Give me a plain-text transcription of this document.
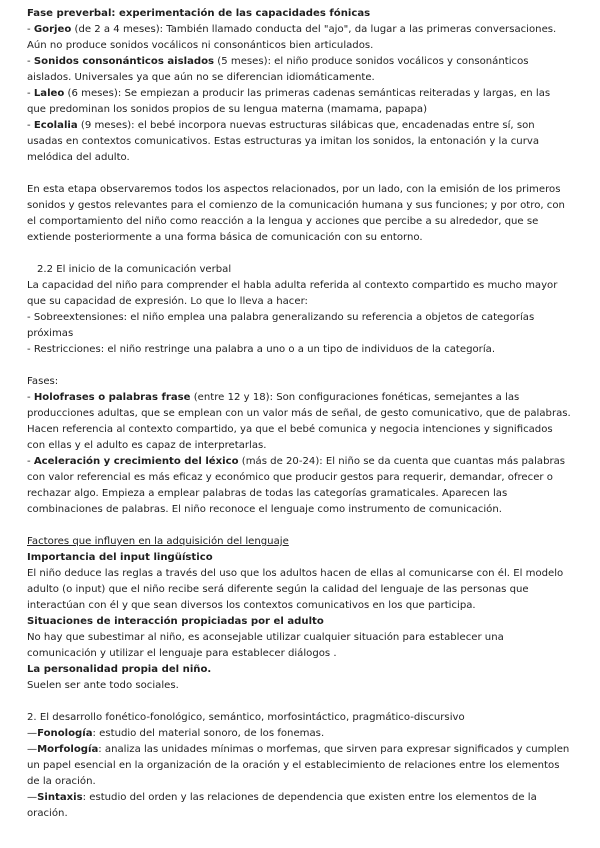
Fase preverbal: experimentación de las capacidades fónicas

- Gorjeo (de 2 a 4 meses): También llamado conducta del "ajo", da lugar a las primeras conversaciones. Aún no produce sonidos vocálicos ni consonánticos bien articulados.

- Sonidos consonánticos aislados (5 meses): el niño produce sonidos vocálicos y consonánticos aislados. Universales ya que aún no se diferencian idiomáticamente.

- Laleo (6 meses): Se empiezan a producir las primeras cadenas semánticas reiteradas y largas, en las que predominan los sonidos propios de su lengua materna (mamama, papapa)

- Ecolalia (9 meses): el bebé incorpora nuevas estructuras silábicas que, encadenadas entre sí, son usadas en contextos comunicativos. Estas estructuras ya imitan los sonidos, la entonación y la curva melódica del adulto.

En esta etapa observaremos todos los aspectos relacionados, por un lado, con la emisión de los primeros sonidos y gestos relevantes para el comienzo de la comunicación humana y sus funciones; y por otro, con el comportamiento del niño como reacción a la lengua y acciones que percibe a su alrededor, que se extiende posteriormente a una forma básica de comunicación con su entorno.

2.2 El inicio de la comunicación verbal

La capacidad del niño para comprender el habla adulta referida al contexto compartido es mucho mayor que su capacidad de expresión. Lo que lo lleva a hacer:

- Sobreextensiones: el niño emplea una palabra generalizando su referencia a objetos de categorías próximas

- Restricciones: el niño restringe una palabra a uno o a un tipo de individuos de la categoría.

Fases:

- Holofrases o palabras frase (entre 12 y 18): Son configuraciones fonéticas, semejantes a las producciones adultas, que se emplean con un valor más de señal, de gesto comunicativo, que de palabras. Hacen referencia al contexto compartido, ya que el bebé comunica y negocia intenciones y significados con ellas y el adulto es capaz de interpretarlas.

- Aceleración y crecimiento del léxico (más de 20-24): El niño se da cuenta que cuantas más palabras con valor referencial es más eficaz y económico que producir gestos para requerir, demandar, ofrecer o rechazar algo. Empieza a emplear palabras de todas las categorías gramaticales. Aparecen las combinaciones de palabras. El niño reconoce el lenguaje como instrumento de comunicación.

Factores que influyen en la adquisición del lenguaje

Importancia del input lingüístico

El niño deduce las reglas a través del uso que los adultos hacen de ellas al comunicarse con él. El modelo adulto (o input) que el niño recibe será diferente según la calidad del lenguaje de las personas que interactúan con él y que sean diversos los contextos comunicativos en los que participa.

Situaciones de interacción propiciadas por el adulto

No hay que subestimar al niño, es aconsejable utilizar cualquier situación para establecer una comunicación y utilizar el lenguaje para establecer diálogos .

La personalidad propia del niño.

Suelen ser ante todo sociales.

2. El desarrollo fonético-fonológico, semántico, morfosintáctico, pragmático-discursivo

—Fonología: estudio del material sonoro, de los fonemas.

—Morfología: analiza las unidades mínimas o morfemas, que sirven para expresar significados y cumplen un papel esencial en la organización de la oración y el establecimiento de relaciones entre los elementos de la oración.

—Sintaxis: estudio del orden y las relaciones de dependencia que existen entre los elementos de la oración.
